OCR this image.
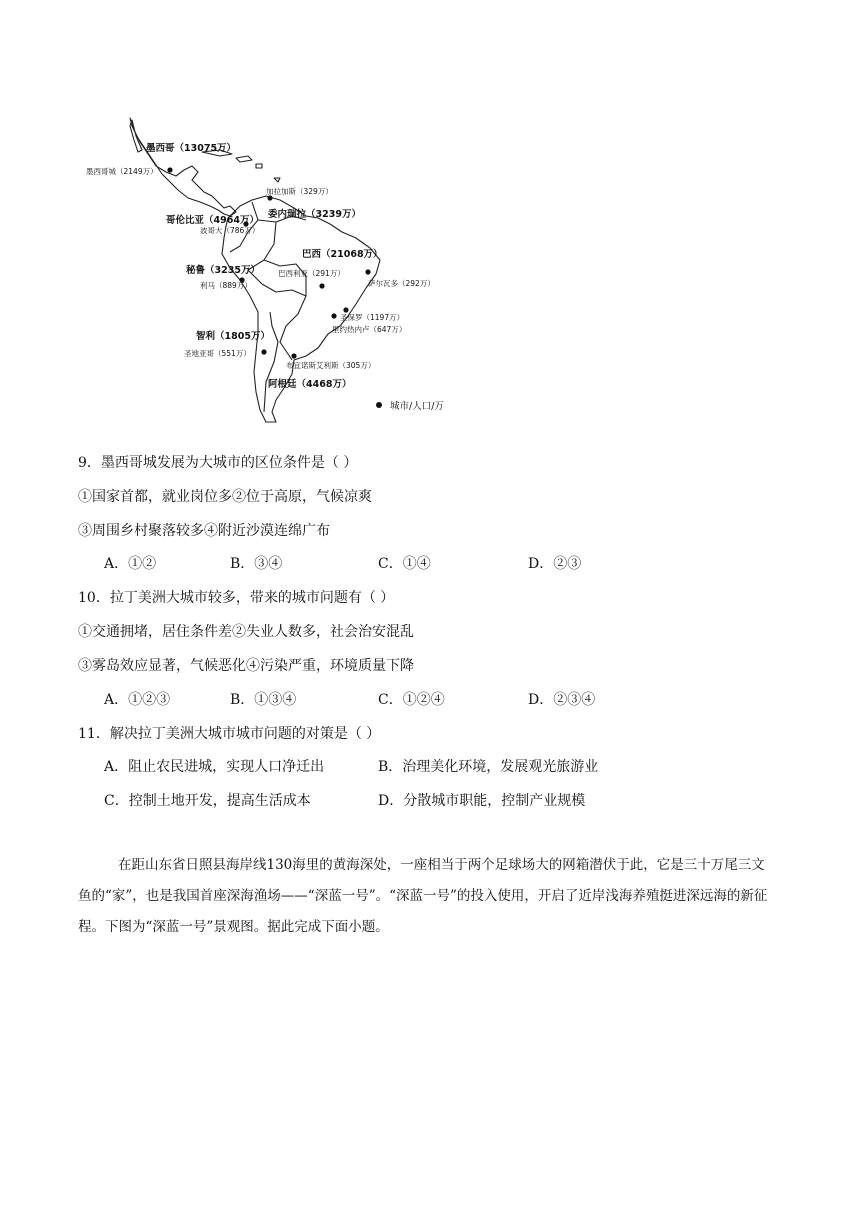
墨西哥（13075万）
墨西哥城（2149万）
加拉加斯（329万）
委内瑞拉（3239万）
哥伦比亚（4964万）
波哥大（786万）
巴西（21068万）
秘鲁（3235万） 巴西利亚（291万）
利马（889万）	萨尔瓦多（292万）
圣保罗（1197万）
里约热内卢（647万）
智利（1805万）
圣地亚哥（551万）
布宜诺斯艾利斯（305万）
阿根廷（4468万）
城市/人口/万
9．墨西哥城发展为大城市的区位条件是（ ）
①国家首都，就业岗位多②位于高原，气候凉爽
③周围乡村聚落较多④附近沙漠连绵广布
A．①②	B．③④	C．①④	D．②③
10．拉丁美洲大城市较多，带来的城市问题有（ ）
①交通拥堵，居住条件差②失业人数多，社会治安混乱
③雾岛效应显著，气候恶化④污染严重，环境质量下降
A．①②③	B．①③④	C．①②④	D．②③④
11．解决拉丁美洲大城市城市问题的对策是（ ）
A．阻止农民进城，实现人口净迁出	B．治理美化环境，发展观光旅游业
C．控制土地开发，提高生活成本	D．分散城市职能，控制产业规模
在距山东省日照县海岸线130海里的黄海深处，一座相当于两个足球场大的网箱潜伏于此，它是三十万尾三文鱼的“家”，也是我国首座深海渔场——“深蓝一号”。“深蓝一号”的投入使用，开启了近岸浅海养殖挺进深远海的新征程。下图为“深蓝一号”景观图。据此完成下面小题。
